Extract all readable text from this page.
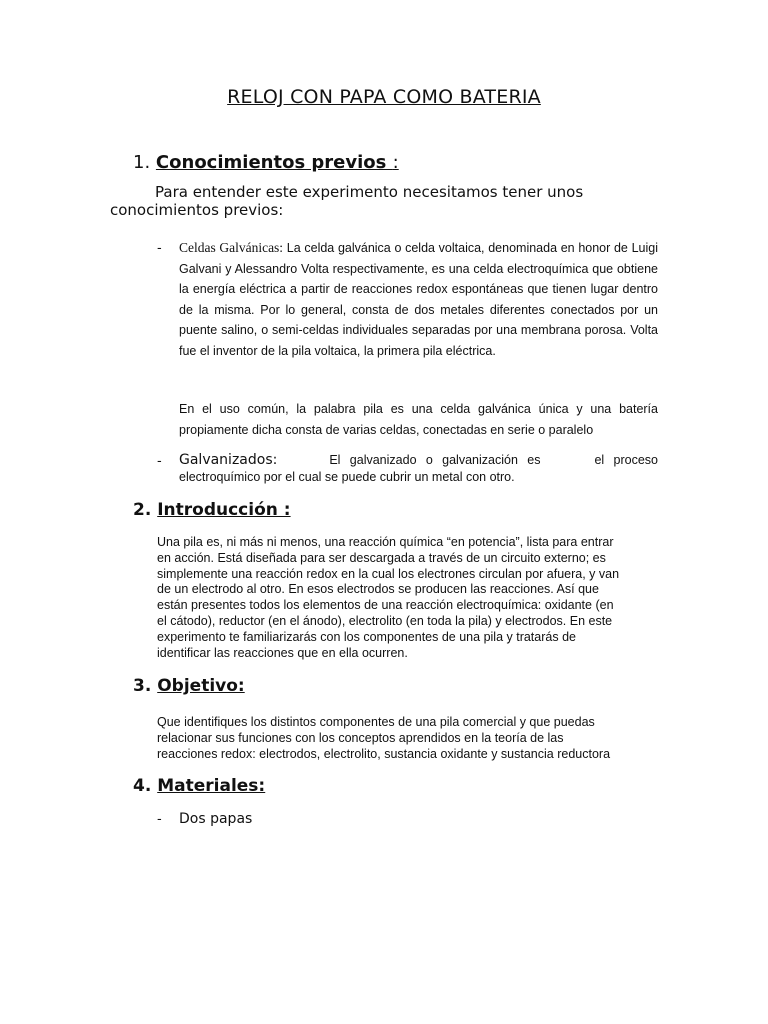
RELOJ CON PAPA COMO BATERIA
1. Conocimientos previos :
Para entender este experimento necesitamos tener unos conocimientos previos:
- Celdas Galvánicas: La celda galvánica o celda voltaica, denominada en honor de Luigi Galvani y Alessandro Volta respectivamente, es una celda electroquímica que obtiene la energía eléctrica a partir de reacciones redox espontáneas que tienen lugar dentro de la misma. Por lo general, consta de dos metales diferentes conectados por un puente salino, o semi-celdas individuales separadas por una membrana porosa. Volta fue el inventor de la pila voltaica, la primera pila eléctrica.
En el uso común, la palabra pila es una celda galvánica única y una batería propiamente dicha consta de varias celdas, conectadas en serie o paralelo
- Galvanizados:	El galvanizado o galvanización es	el proceso electroquímico por el cual se puede cubrir un metal con otro.
2. Introducción :
Una pila es, ni más ni menos, una reacción química “en potencia”, lista para entrar
en acción. Está diseñada para ser descargada a través de un circuito externo; es
simplemente una reacción redox en la cual los electrones circulan por afuera, y van
de un electrodo al otro. En esos electrodos se producen las reacciones. Así que
están presentes todos los elementos de una reacción electroquímica: oxidante (en
el cátodo), reductor (en el ánodo), electrolito (en toda la pila) y electrodos. En este
experimento te familiarizarás con los componentes de una pila y tratarás de
identificar las reacciones que en ella ocurren.
3. Objetivo:
Que identifiques los distintos componentes de una pila comercial y que puedas
relacionar sus funciones con los conceptos aprendidos en la teoría de las
reacciones redox: electrodos, electrolito, sustancia oxidante y sustancia reductora
4. Materiales:
- Dos papas
